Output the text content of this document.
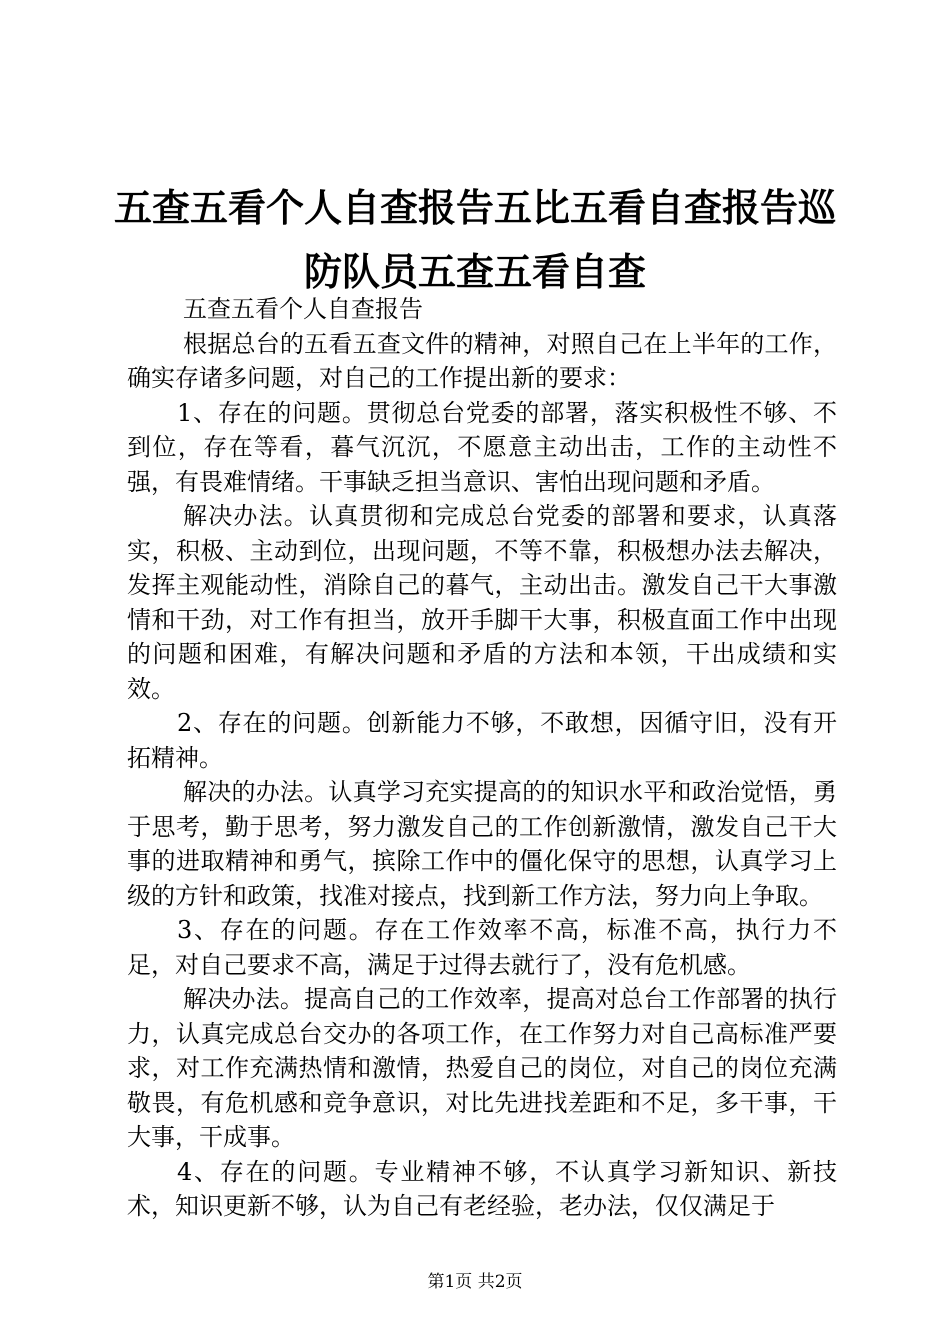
五查五看个人自查报告五比五看自查报告巡防队员五查五看自查

五查五看个人自查报告

根据总台的五看五查文件的精神，对照自己在上半年的工作，确实存诸多问题，对自己的工作提出新的要求：

1、存在的问题。贯彻总台党委的部署，落实积极性不够、不到位，存在等看，暮气沉沉，不愿意主动出击，工作的主动性不强，有畏难情绪。干事缺乏担当意识、害怕出现问题和矛盾。

解决办法。认真贯彻和完成总台党委的部署和要求，认真落实，积极、主动到位，出现问题，不等不靠，积极想办法去解决，发挥主观能动性，消除自己的暮气，主动出击。激发自己干大事激情和干劲，对工作有担当，放开手脚干大事，积极直面工作中出现的问题和困难，有解决问题和矛盾的方法和本领，干出成绩和实效。

2、存在的问题。创新能力不够，不敢想，因循守旧，没有开拓精神。

解决的办法。认真学习充实提高的的知识水平和政治觉悟，勇于思考，勤于思考，努力激发自己的工作创新激情，激发自己干大事的进取精神和勇气，摈除工作中的僵化保守的思想，认真学习上级的方针和政策，找准对接点，找到新工作方法，努力向上争取。

3、存在的问题。存在工作效率不高，标准不高，执行力不足，对自己要求不高，满足于过得去就行了，没有危机感。

解决办法。提高自己的工作效率，提高对总台工作部署的执行力，认真完成总台交办的各项工作，在工作努力对自己高标准严要求，对工作充满热情和激情，热爱自己的岗位，对自己的岗位充满敬畏，有危机感和竞争意识，对比先进找差距和不足，多干事，干大事，干成事。

4、存在的问题。专业精神不够，不认真学习新知识、新技术，知识更新不够，认为自己有老经验，老办法，仅仅满足于

第1页 共2页
